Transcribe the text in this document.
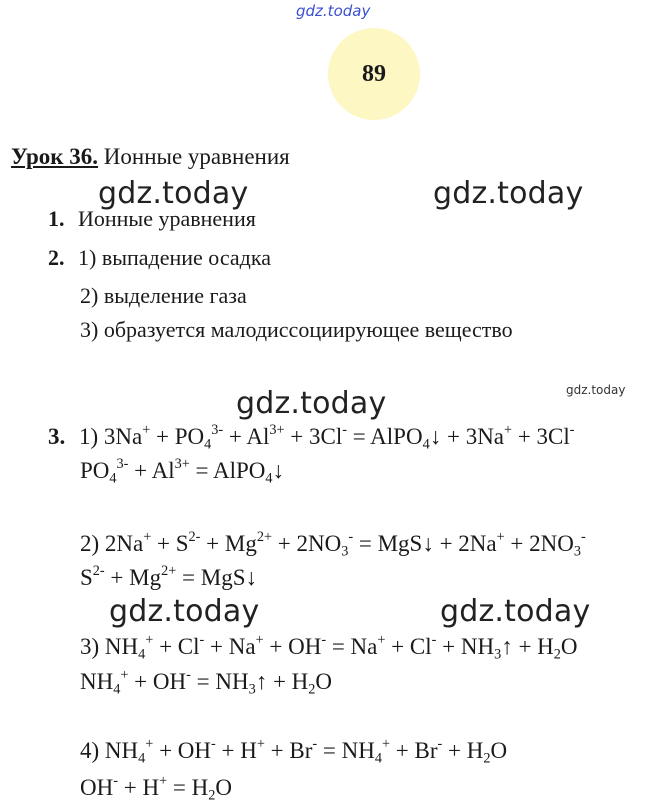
gdz.today
89
Урок 36. Ионные уравнения
gdz.today	gdz.today
1. Ионные уравнения
2. 1) выпадение осадка
2) выделение газа
3) образуется малодиссоциирующее вещество
gdz.today	gdz.today
3. 1) $3Na^+ + PO_4^{3-} + Al^{3+} + 3Cl^-$ = AlPO$_4$↓ + 3Na+ + 3Cl-
$PO_4^{3-} + Al^{3+}$ = AlPO$_4$↓
2) $2Na^+ + S^{2-} + Mg^{2+} + 2NO_3^-$ = MgS↓ + $2Na^+ + 2NO_3^-$
$S^{2-} + Mg^{2+}$ = MgS↓
gdz.today	gdz.today
3) $NH_4^+ + Cl^- + Na^+ + OH^- = Na^+ + Cl^-$ + $NH_3↑ + H_2O$
$NH_4^+ + OH^-$ = $NH_3↑ + H_2O$
4) $NH_4^+ + OH^- + H^+ + Br^- = NH_4^+ + Br^- + H_2O$
$OH^- + H^+ = H_2O$
